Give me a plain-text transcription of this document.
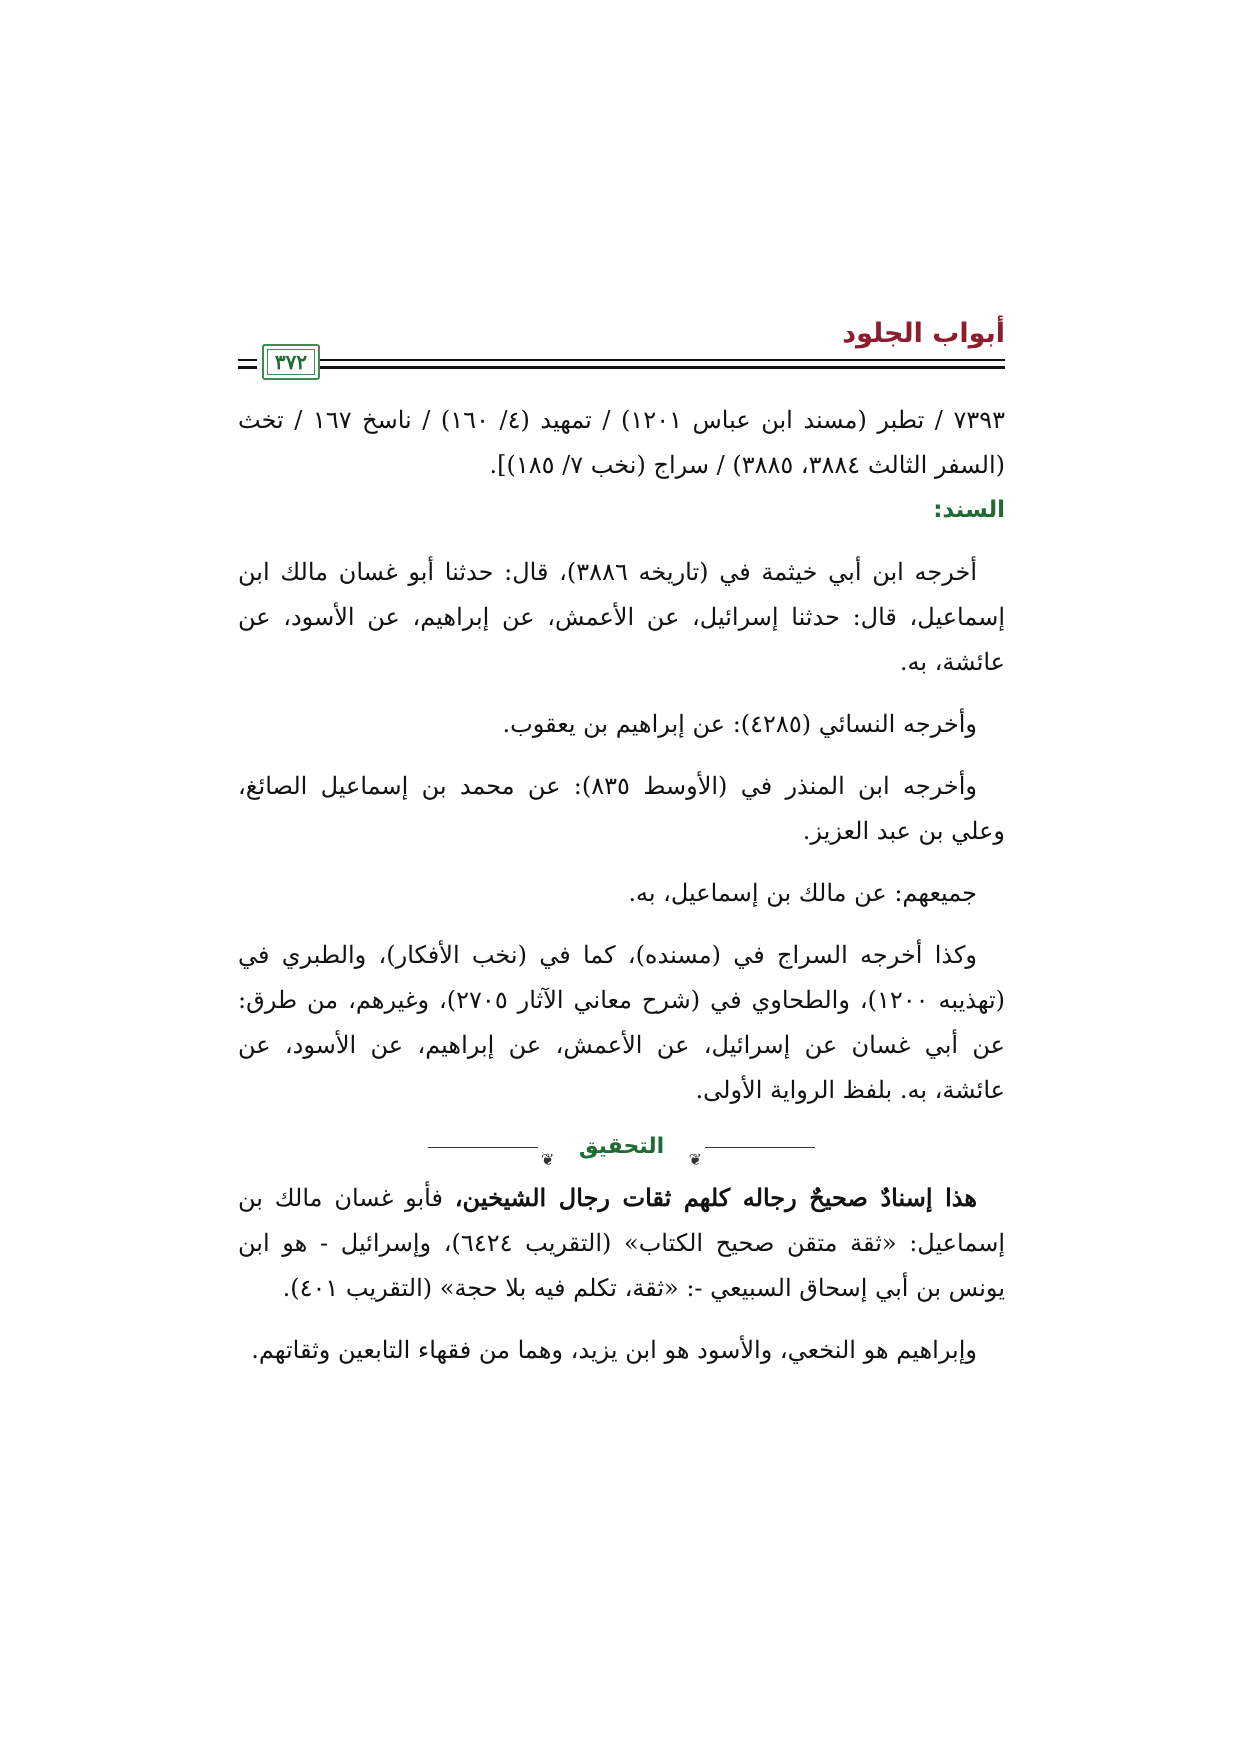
أبواب الجلود
٣٧٢

٧٣٩٣ / تطبر (مسند ابن عباس ١٢٠١) / تمهيد (٤/ ١٦٠) / ناسخ ١٦٧ / تخث (السفر الثالث ٣٨٨٤، ٣٨٨٥) / سراج (نخب ٧/ ١٨٥)].

السند:

أخرجه ابن أبي خيثمة في (تاريخه ٣٨٨٦)، قال: حدثنا أبو غسان مالك ابن إسماعيل، قال: حدثنا إسرائيل، عن الأعمش، عن إبراهيم، عن الأسود، عن عائشة، به.

وأخرجه النسائي (٤٢٨٥): عن إبراهيم بن يعقوب.

وأخرجه ابن المنذر في (الأوسط ٨٣٥): عن محمد بن إسماعيل الصائغ، وعلي بن عبد العزيز.

جميعهم: عن مالك بن إسماعيل، به.

وكذا أخرجه السراج في (مسنده)، كما في (نخب الأفكار)، والطبري في (تهذيبه ١٢٠٠)، والطحاوي في (شرح معاني الآثار ٢٧٠٥)، وغيرهم، من طرق: عن أبي غسان عن إسرائيل، عن الأعمش، عن إبراهيم، عن الأسود، عن عائشة، به. بلفظ الرواية الأولى.

❦
التحقيق
❦

هذا إسنادٌ صحيحٌ رجاله كلهم ثقات رجال الشيخين، فأبو غسان مالك بن إسماعيل: «ثقة متقن صحيح الكتاب» (التقريب ٦٤٢٤)، وإسرائيل - هو ابن يونس بن أبي إسحاق السبيعي -: «ثقة، تكلم فيه بلا حجة» (التقريب ٤٠١).

وإبراهيم هو النخعي، والأسود هو ابن يزيد، وهما من فقهاء التابعين وثقاتهم.
